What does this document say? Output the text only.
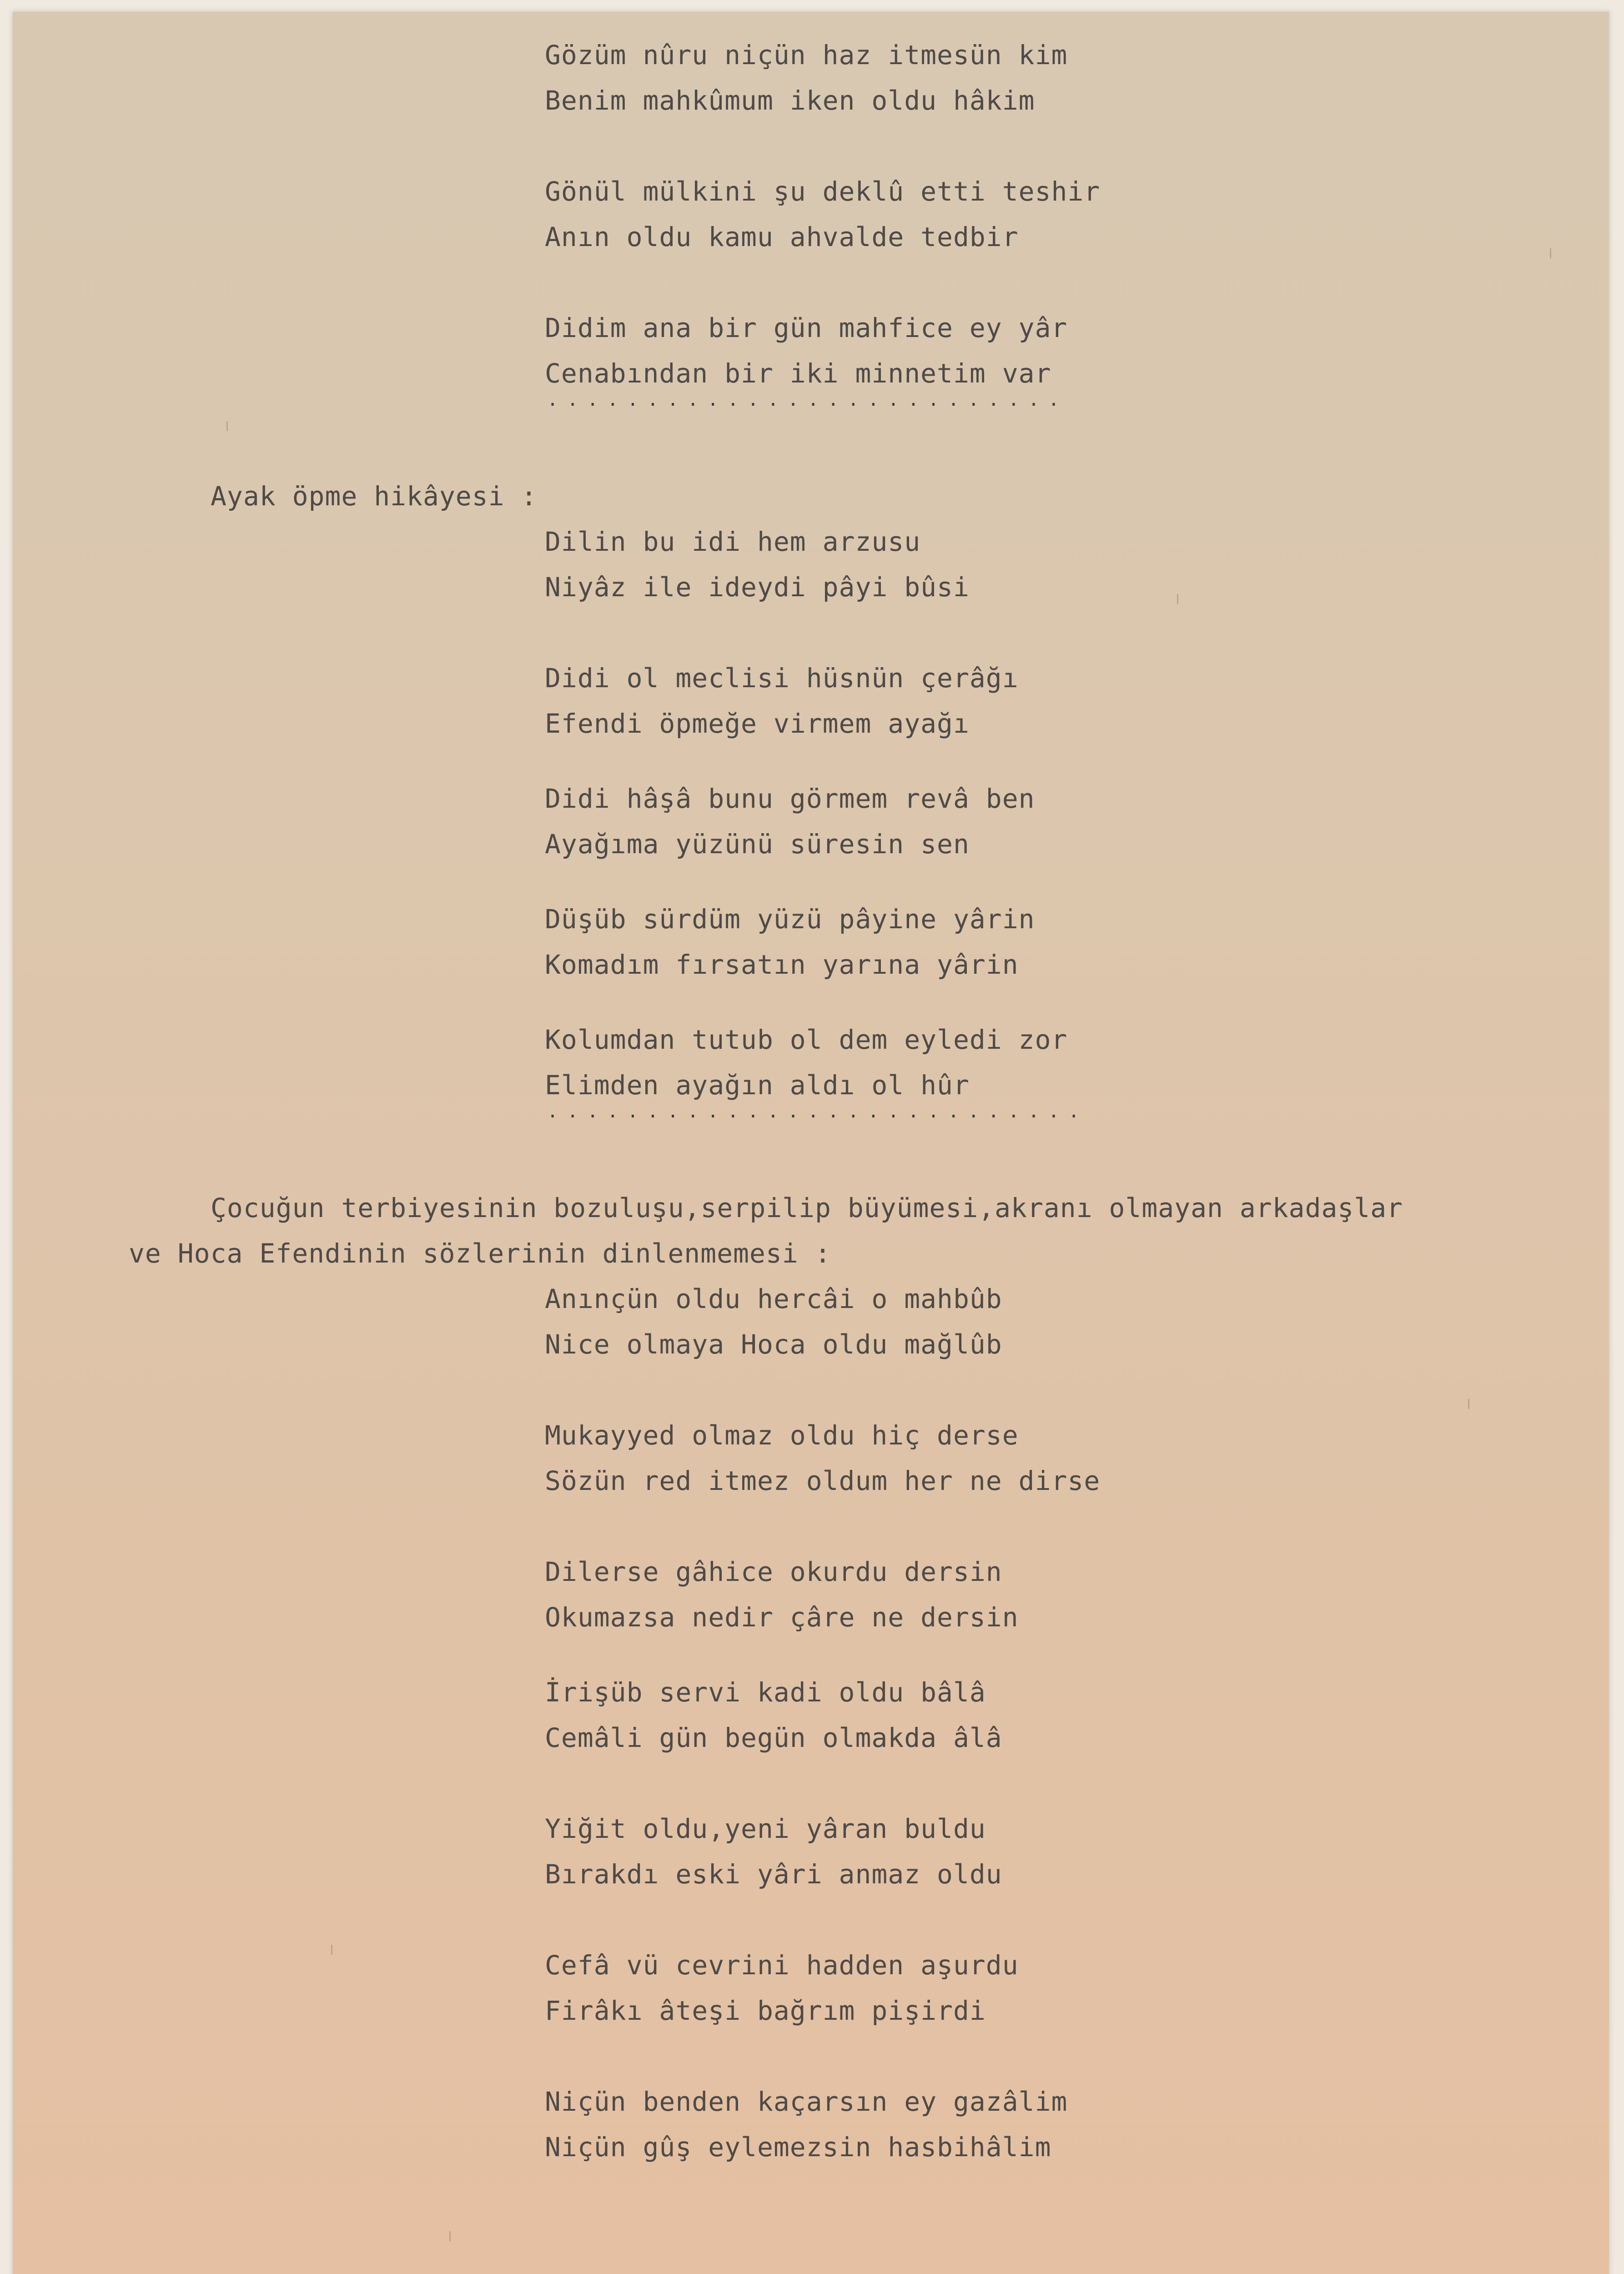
Gözüm nûru niçün haz itmesün kim
Benim mahkûmum iken oldu hâkim
Gönül mülkini şu deklû etti teshir
Anın oldu kamu ahvalde tedbir
Didim ana bir gün mahfice ey yâr
Cenabından bir iki minnetim var
..........................
Ayak öpme hikâyesi :
Dilin bu idi hem arzusu
Niyâz ile ideydi pâyi bûsi
Didi ol meclisi hüsnün çerâğı
Efendi öpmeğe virmem ayağı
Didi hâşâ bunu görmem revâ ben
Ayağıma yüzünü süresin sen
Düşüb sürdüm yüzü pâyine yârin
Komadım fırsatın yarına yârin
Kolumdan tutub ol dem eyledi zor
Elimden ayağın aldı ol hûr
...........................
Çocuğun terbiyesinin bozuluşu,serpilip büyümesi,akranı olmayan arkadaşlar
ve Hoca Efendinin sözlerinin dinlenmemesi :
Anınçün oldu hercâi o mahbûb
Nice olmaya Hoca oldu mağlûb
Mukayyed olmaz oldu hiç derse
Sözün red itmez oldum her ne dirse
Dilerse gâhice okurdu dersin
Okumazsa nedir çâre ne dersin
İrişüb servi kadi oldu bâlâ
Cemâli gün begün olmakda âlâ
Yiğit oldu,yeni yâran buldu
Bırakdı eski yâri anmaz oldu
Cefâ vü cevrini hadden aşurdu
Firâkı âteşi bağrım pişirdi
Niçün benden kaçarsın ey gazâlim
Niçün gûş eylemezsin hasbihâlim
